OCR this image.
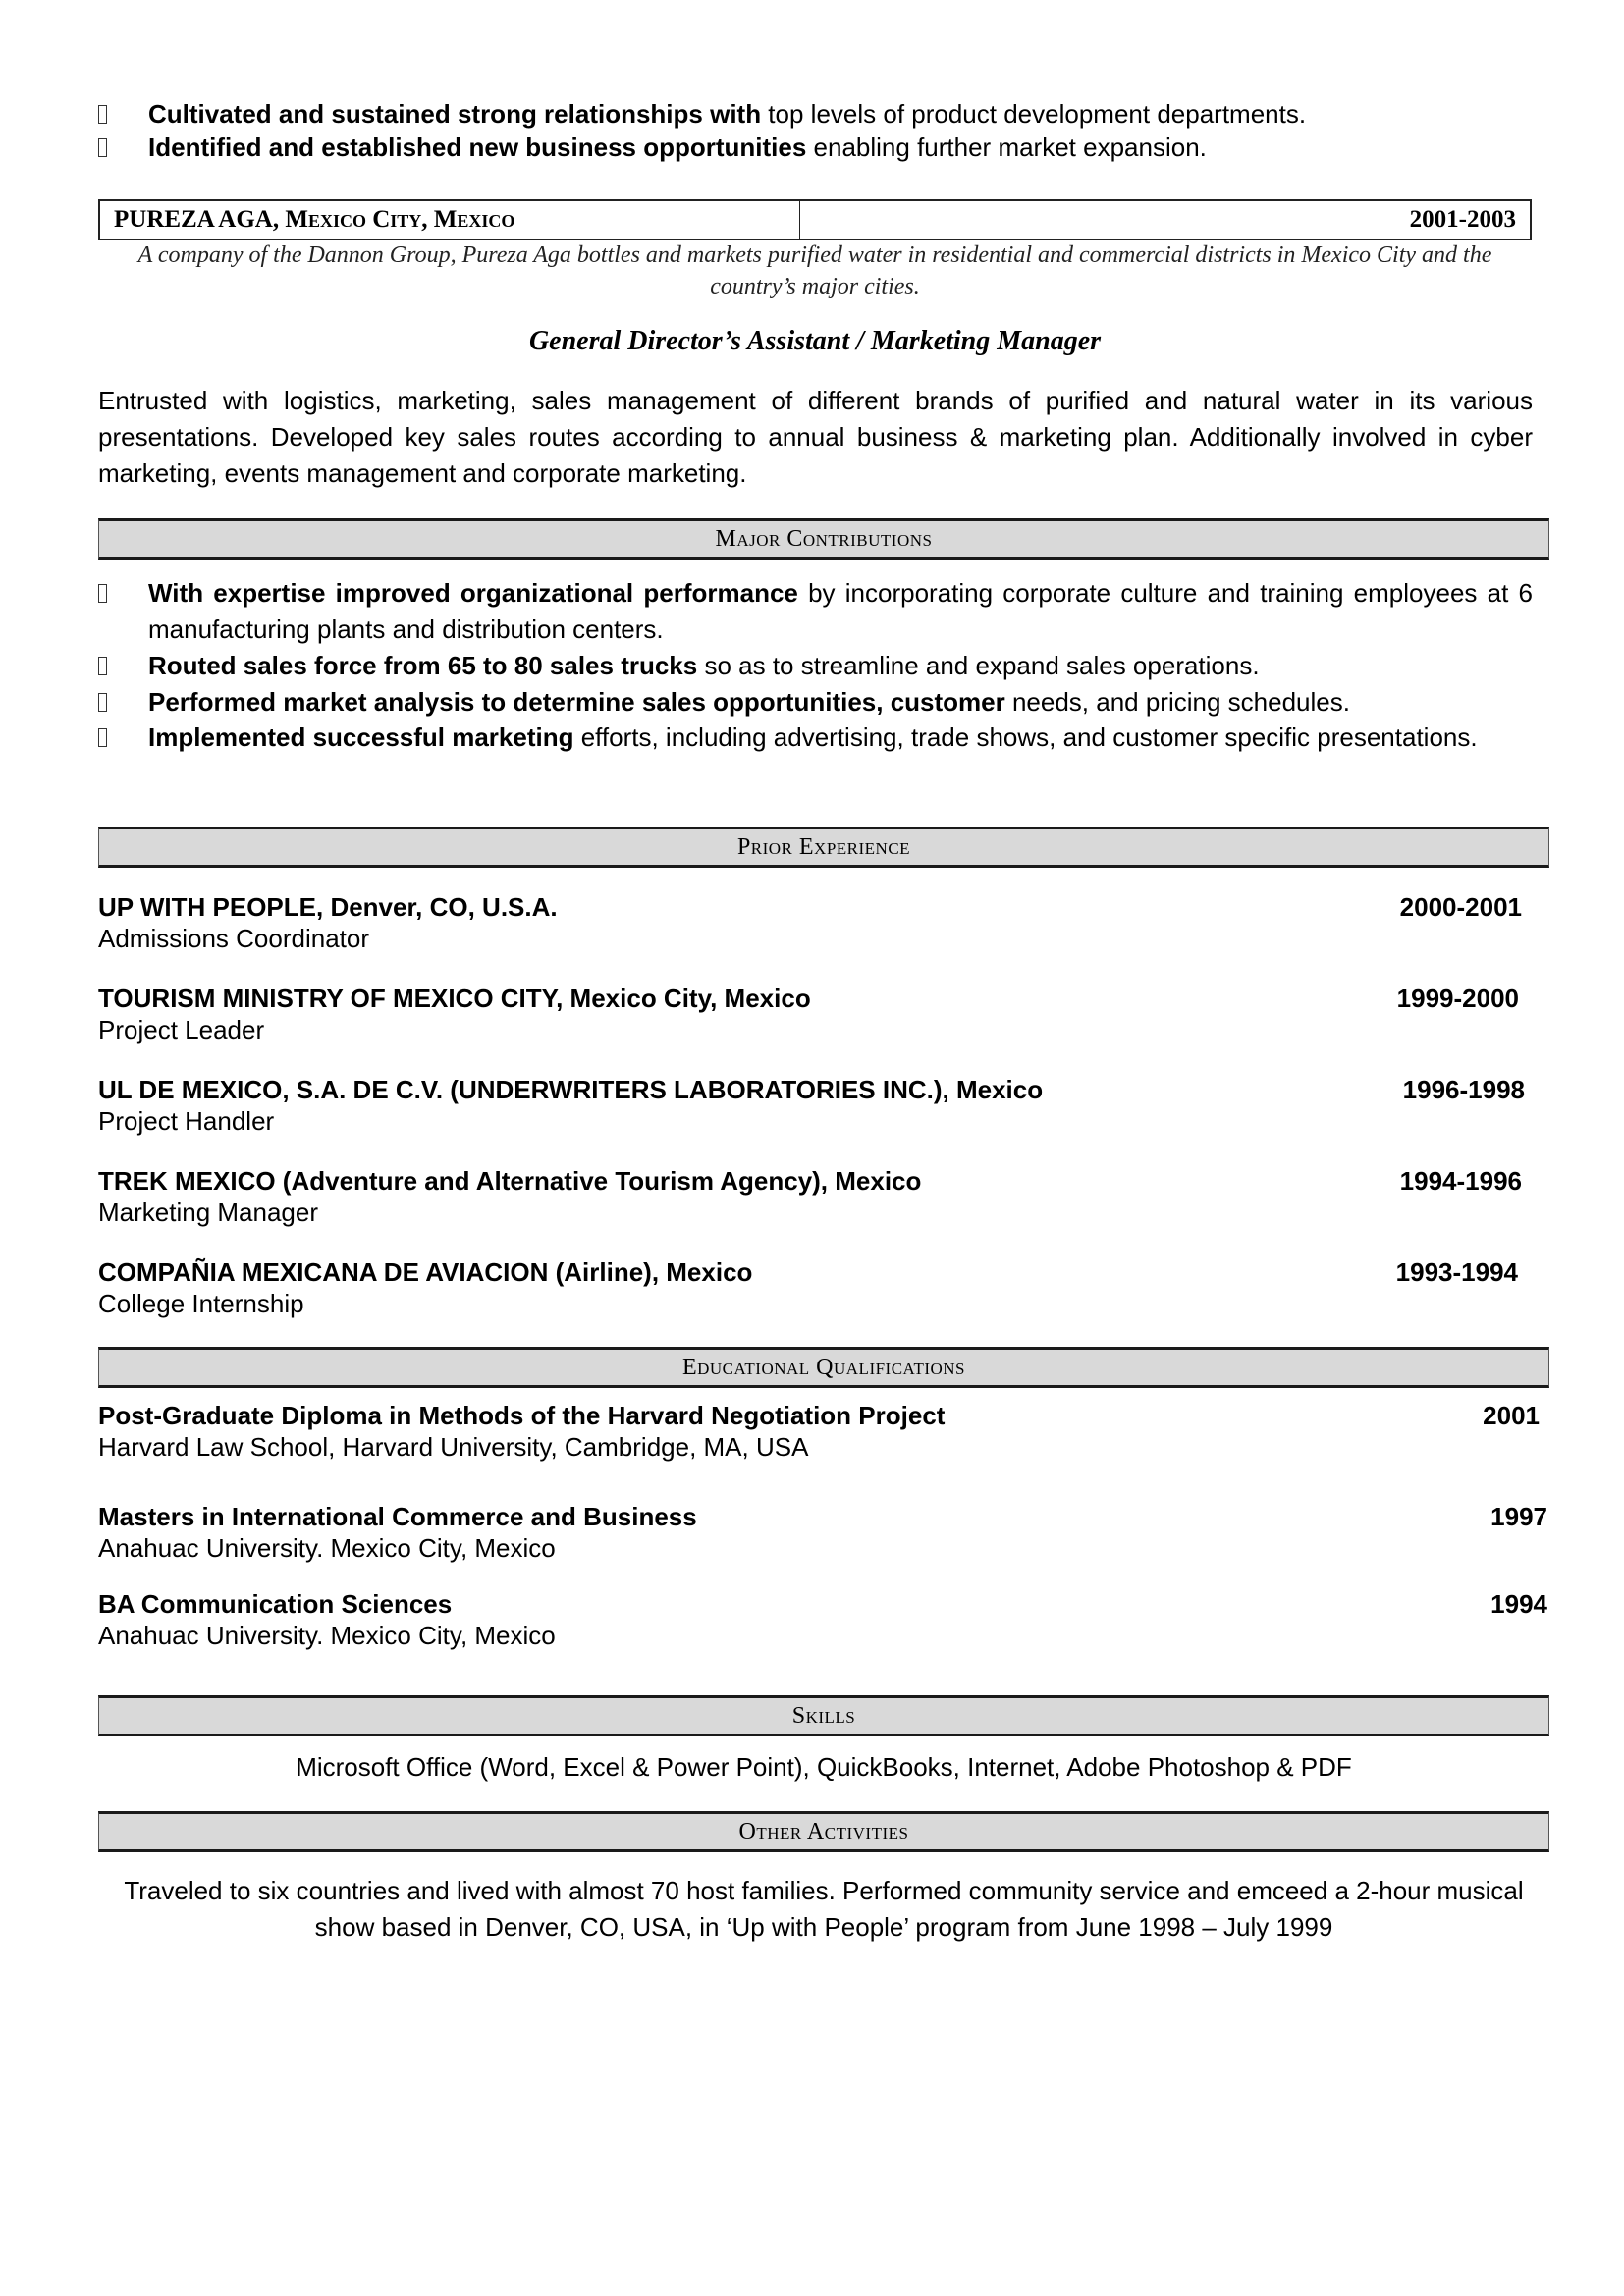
Cultivated and sustained strong relationships with top levels of product development departments.
Identified and established new business opportunities enabling further market expansion.
PUREZA AGA, Mexico City, Mexico	2001-2003
A company of the Dannon Group, Pureza Aga bottles and markets purified water in residential and commercial districts in Mexico City and the country’s major cities.
General Director’s Assistant / Marketing Manager
Entrusted with logistics, marketing, sales management of different brands of purified and natural water in its various presentations. Developed key sales routes according to annual business & marketing plan. Additionally involved in cyber marketing, events management and corporate marketing.
Major Contributions
With expertise improved organizational performance by incorporating corporate culture and training employees at 6 manufacturing plants and distribution centers.
Routed sales force from 65 to 80 sales trucks so as to streamline and expand sales operations.
Performed market analysis to determine sales opportunities, customer needs, and pricing schedules.
Implemented successful marketing efforts, including advertising, trade shows, and customer specific presentations.
Prior Experience
UP WITH PEOPLE, Denver, CO, U.S.A.
Admissions Coordinator
2000-2001
TOURISM MINISTRY OF MEXICO CITY, Mexico City, Mexico
Project Leader
1999-2000
UL DE MEXICO, S.A. DE C.V. (UNDERWRITERS LABORATORIES INC.), Mexico
Project Handler
1996-1998
TREK MEXICO (Adventure and Alternative Tourism Agency), Mexico
Marketing Manager
1994-1996
COMPAÑIA MEXICANA DE AVIACION (Airline), Mexico
College Internship
1993-1994
Educational Qualifications
Post-Graduate Diploma in Methods of the Harvard Negotiation Project
Harvard Law School, Harvard University, Cambridge, MA, USA
2001
Masters in International Commerce and Business
Anahuac University. Mexico City, Mexico
1997
BA Communication Sciences
Anahuac University. Mexico City, Mexico
1994
Skills
Microsoft Office (Word, Excel & Power Point), QuickBooks, Internet, Adobe Photoshop & PDF
Other Activities
Traveled to six countries and lived with almost 70 host families. Performed community service and emceed a 2-hour musical show based in Denver, CO, USA, in ‘Up with People’ program from June 1998 – July 1999
